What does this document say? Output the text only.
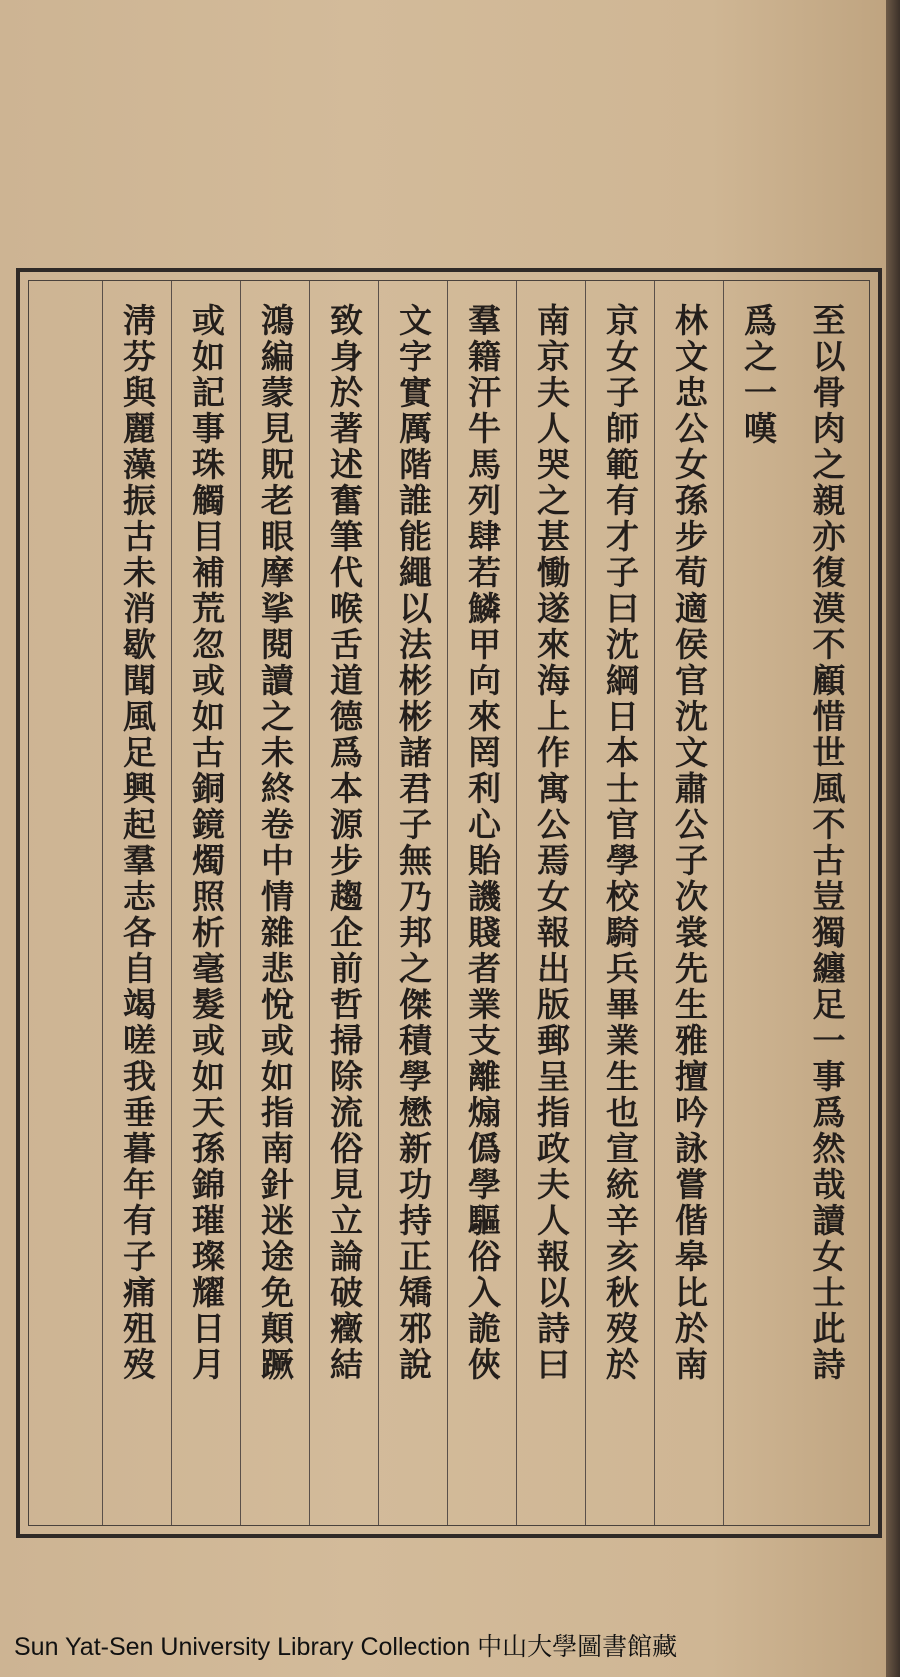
至以骨肉之親亦復漠不顧惜世風不古豈獨纏足一事爲然哉讀女士此詩
爲之一嘆
林文忠公女孫步荀適侯官沈文肅公子次裳先生雅擅吟詠嘗偕皋比於南
京女子師範有才子曰沈綱日本士官學校騎兵畢業生也宣統辛亥秋歿於
南京夫人哭之甚慟遂來海上作寓公焉女報出版郵呈指政夫人報以詩曰
羣籍汗牛馬列肆若鱗甲向來罔利心貽譏賤者業支離煽僞學驅俗入詭俠
文字實厲階誰能繩以法彬彬諸君子無乃邦之傑積學懋新功持正矯邪說
致身於著述奮筆代喉舌道德爲本源步趨企前哲掃除流俗見立論破癥結
鴻編蒙見貺老眼摩挲閱讀之未終卷中情雜悲悅或如指南針迷途免顛蹶
或如記事珠觸目補荒忽或如古銅鏡燭照析毫髮或如天孫錦璀璨耀日月
淸芬與麗藻振古未消歇聞風足興起羣志各自竭嗟我垂暮年有子痛殂歿
Sun Yat-Sen University Library Collection 中山大學圖書館藏
